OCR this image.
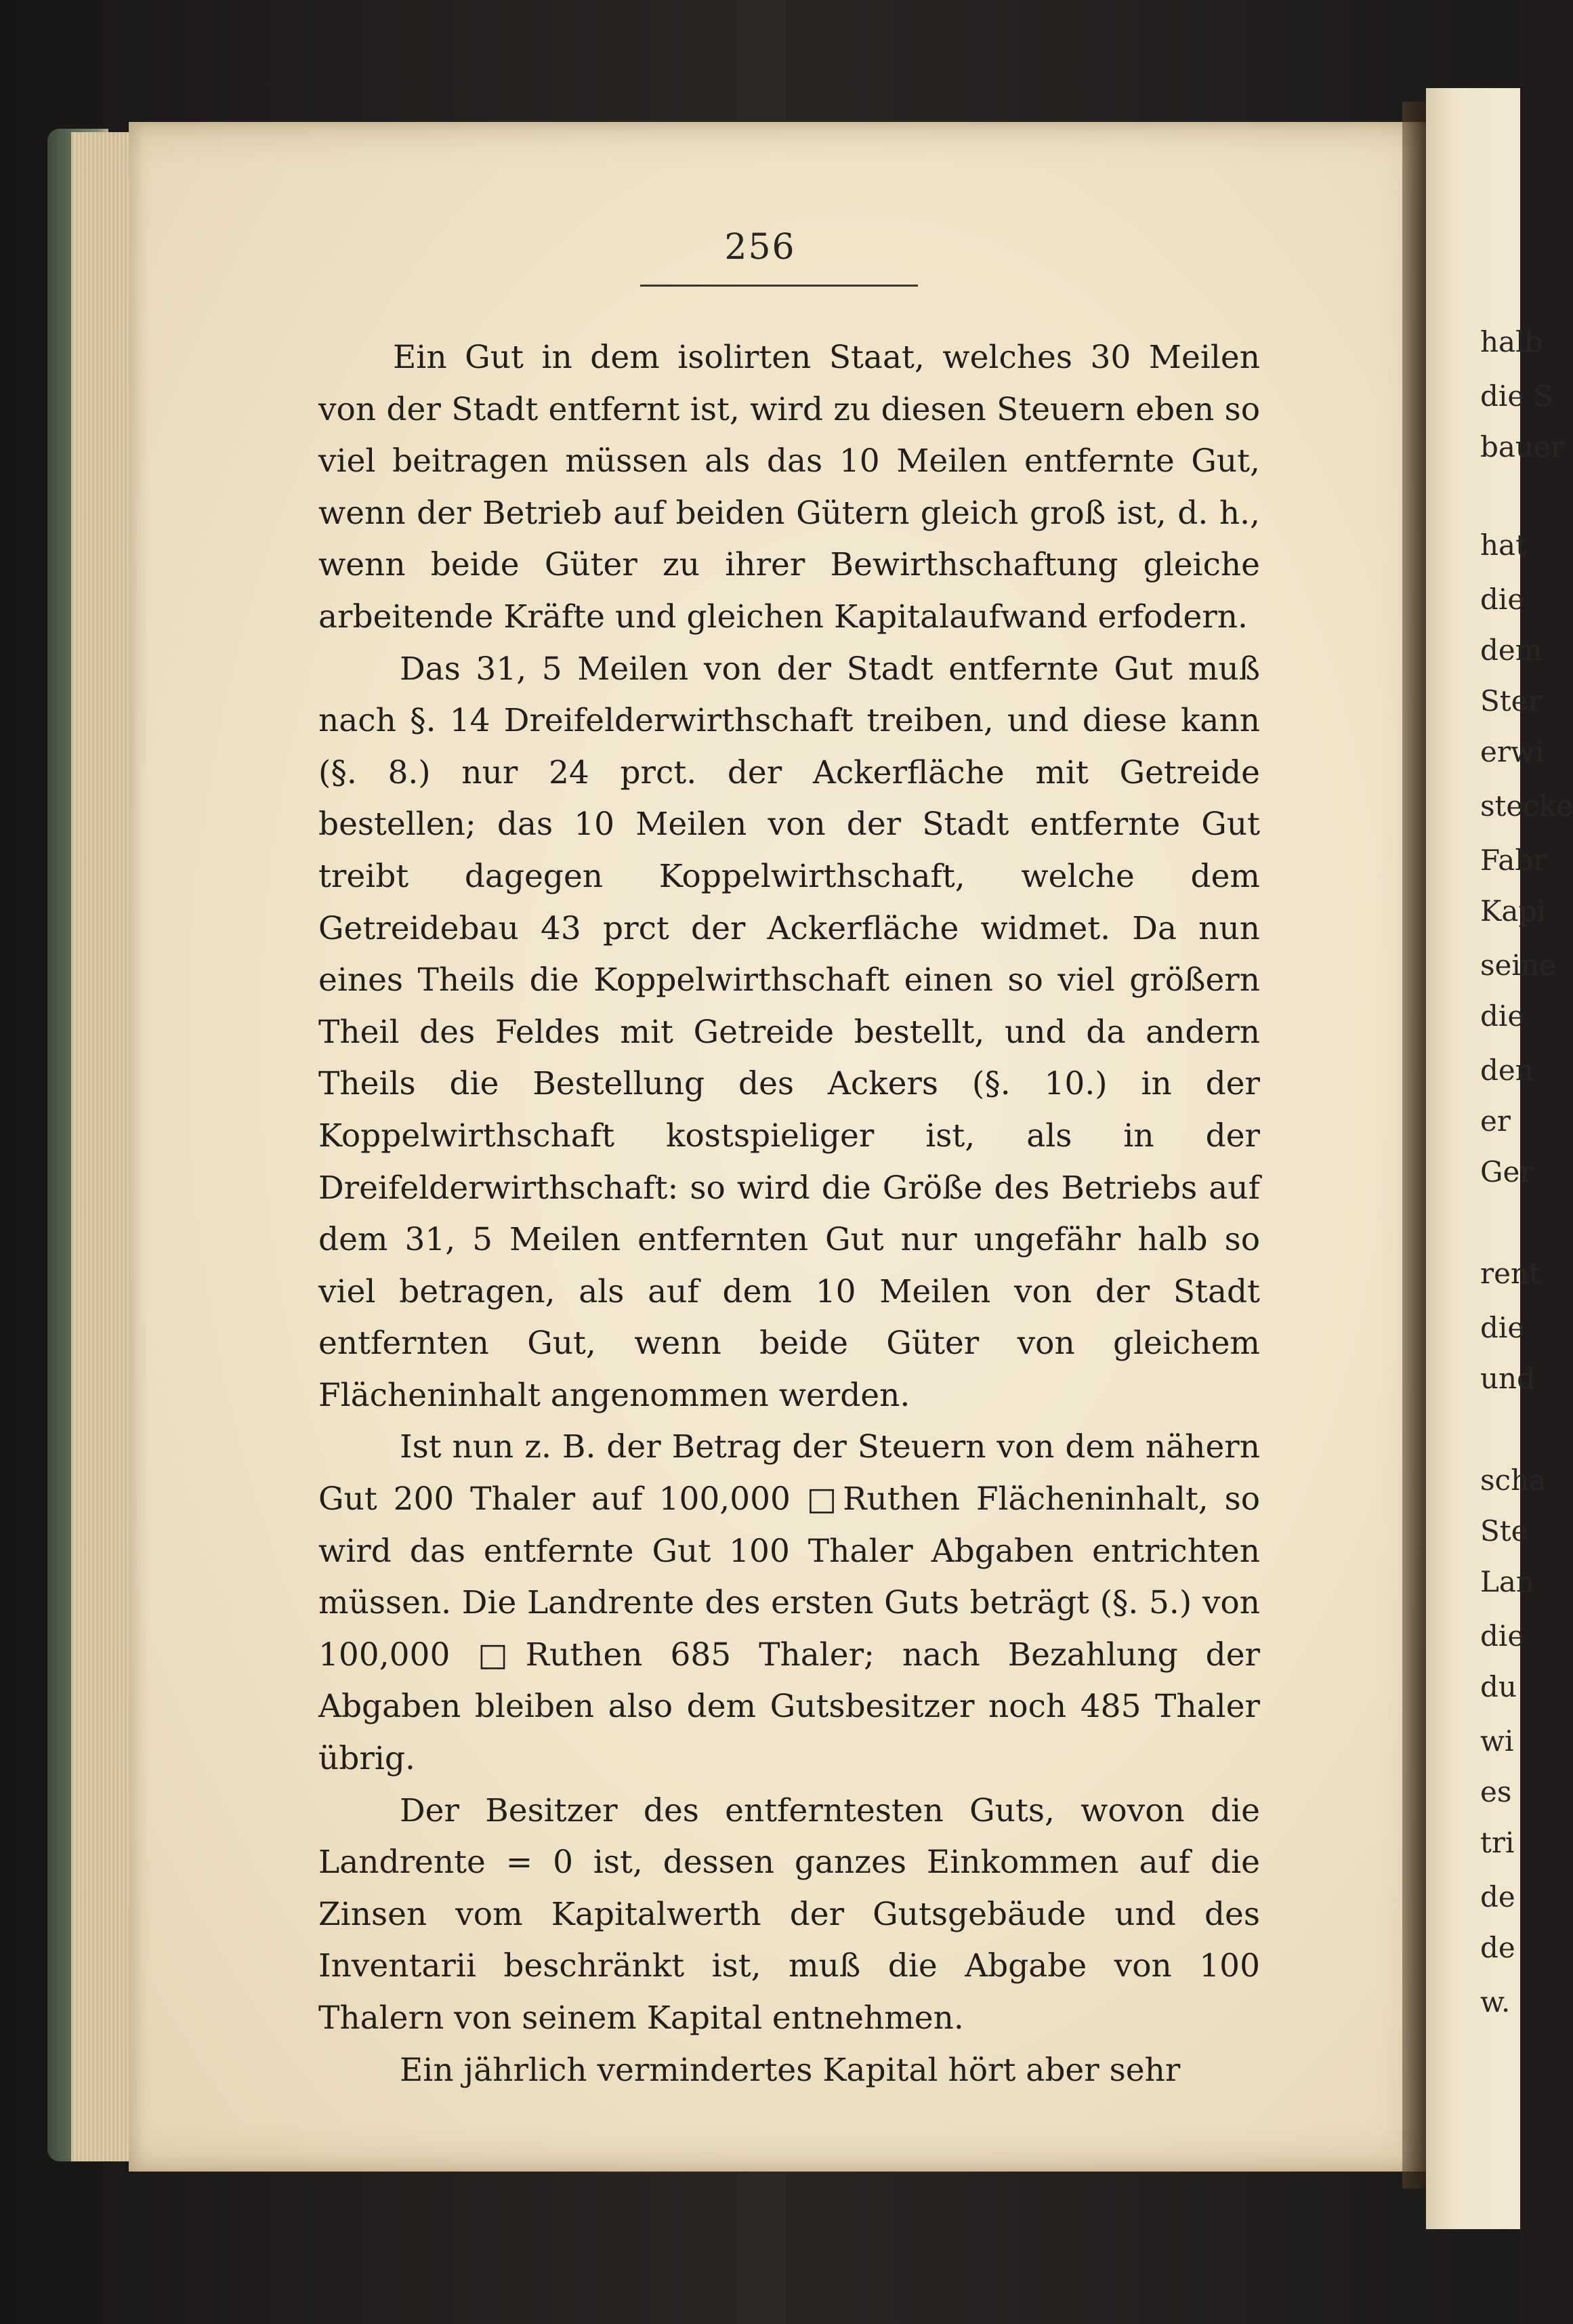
halb
die S
bauer
hat
die
dem
Ster
erwi
stecke
Fabr
Kapi
seine
die
den
er
Ger
rent
die
und
scha
Ste
Lan
die
du
wi
es
tri
de
de
w.
256

Ein Gut in dem isolirten Staat, welches 30 Meilen von der Stadt entfernt ist, wird zu diesen Steuern eben so viel beitragen müssen als das 10 Meilen entfernte Gut, wenn der Betrieb auf beiden Gütern gleich groß ist, d. h., wenn beide Güter zu ihrer Bewirthschaftung gleiche arbeitende Kräfte und gleichen Kapitalaufwand erfodern.

Das 31, 5 Meilen von der Stadt entfernte Gut muß nach §. 14 Dreifelderwirthschaft treiben, und diese kann (§. 8.) nur 24 prct. der Ackerfläche mit Getreide bestellen; das 10 Meilen von der Stadt entfernte Gut treibt dagegen Koppelwirthschaft, welche dem Getreidebau 43 prct der Ackerfläche widmet. Da nun eines Theils die Koppelwirthschaft einen so viel größern Theil des Feldes mit Getreide bestellt, und da andern Theils die Bestellung des Ackers (§. 10.) in der Koppelwirthschaft kostspieliger ist, als in der Dreifelderwirthschaft: so wird die Größe des Betriebs auf dem 31, 5 Meilen entfernten Gut nur ungefähr halb so viel betragen, als auf dem 10 Meilen von der Stadt entfernten Gut, wenn beide Güter von gleichem Flächeninhalt angenommen werden.

Ist nun z. B. der Betrag der Steuern von dem nähern Gut 200 Thaler auf 100,000 □Ruthen Flächeninhalt, so wird das entfernte Gut 100 Thaler Abgaben entrichten müssen. Die Landrente des ersten Guts beträgt (§. 5.) von 100,000 □Ruthen 685 Thaler; nach Bezahlung der Abgaben bleiben also dem Gutsbesitzer noch 485 Thaler übrig.

Der Besitzer des entferntesten Guts, wovon die Landrente = 0 ist, dessen ganzes Einkommen auf die Zinsen vom Kapitalwerth der Gutsgebäude und des Inventarii beschränkt ist, muß die Abgabe von 100 Thalern von seinem Kapital entnehmen.

Ein jährlich vermindertes Kapital hört aber sehr
